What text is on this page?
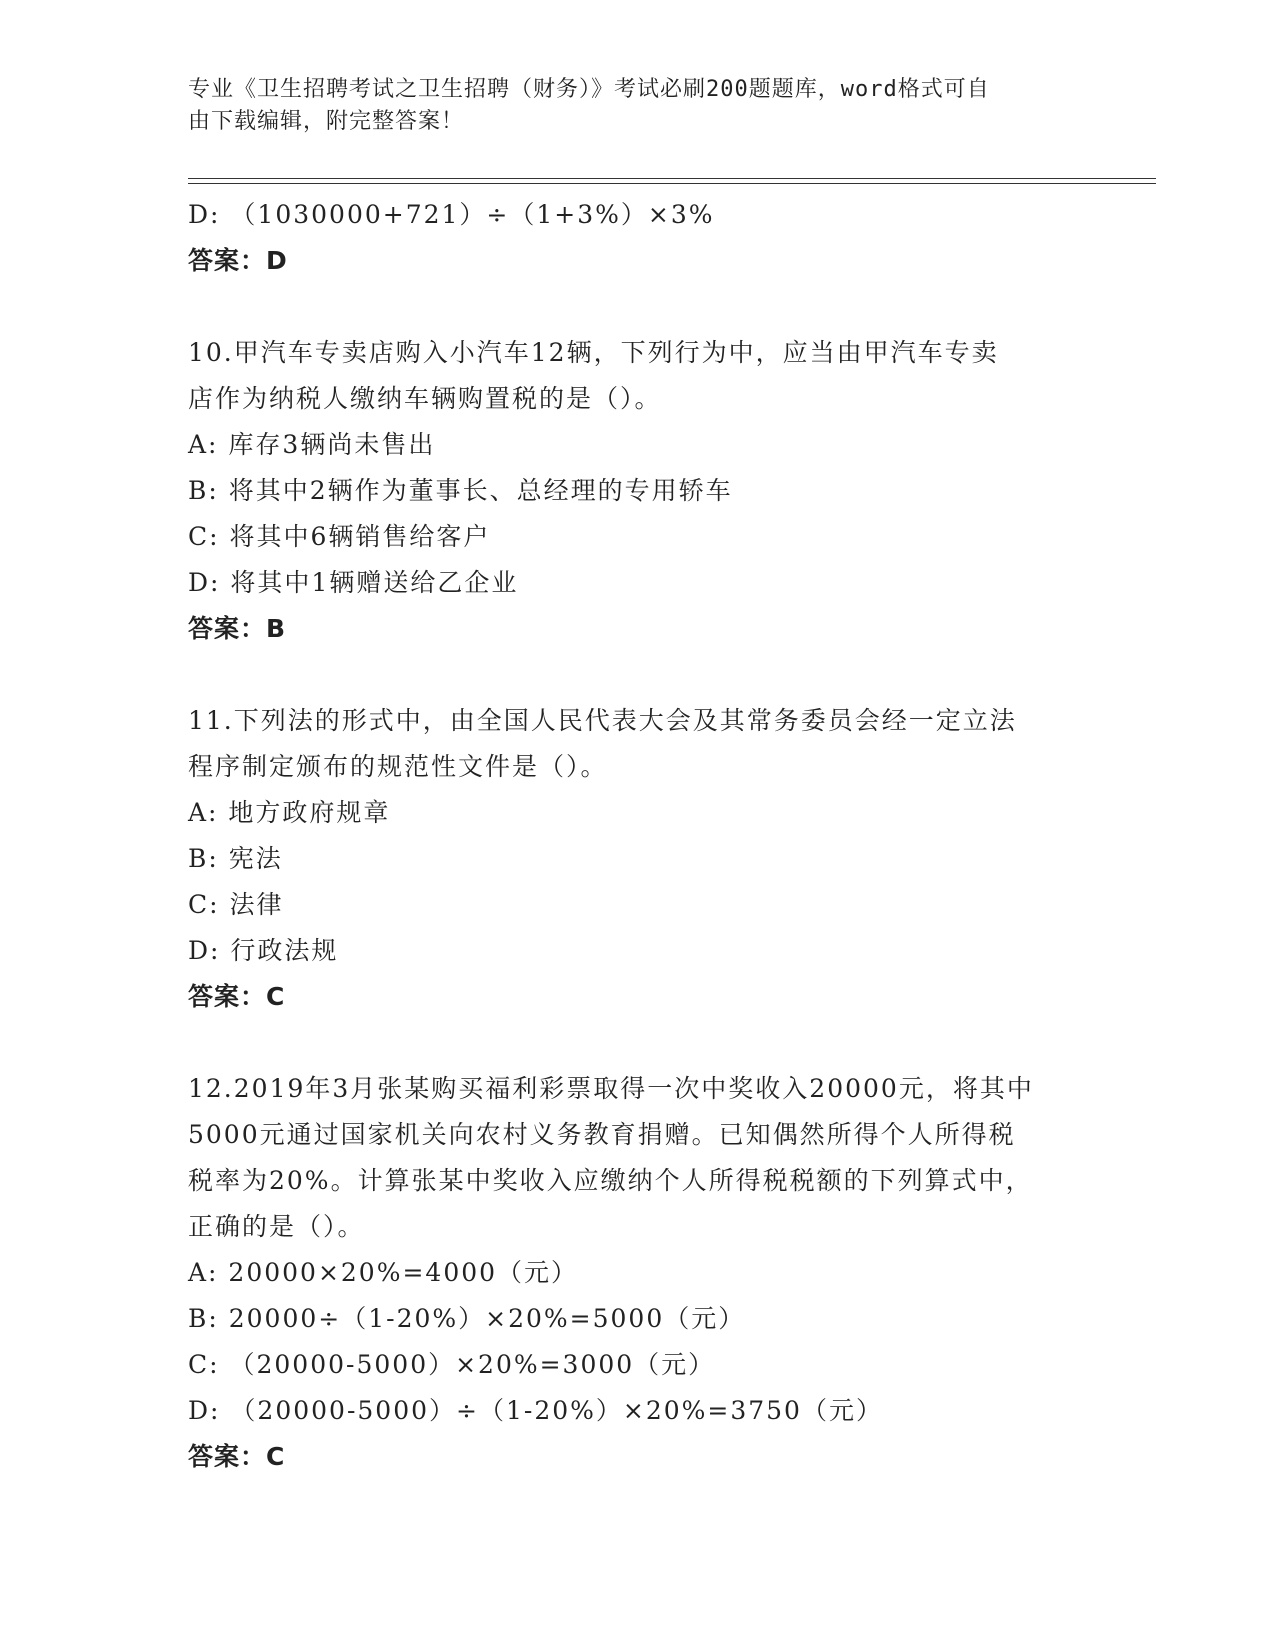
专业《卫生招聘考试之卫生招聘（财务）》考试必刷200题题库，word格式可自
由下载编辑，附完整答案！
D: （1030000+721）÷（1+3%）×3%
答案：D
10.甲汽车专卖店购入小汽车12辆，下列行为中，应当由甲汽车专卖
店作为纳税人缴纳车辆购置税的是（）。
A: 库存3辆尚未售出
B: 将其中2辆作为董事长、总经理的专用轿车
C: 将其中6辆销售给客户
D: 将其中1辆赠送给乙企业
答案：B
11.下列法的形式中，由全国人民代表大会及其常务委员会经一定立法
程序制定颁布的规范性文件是（）。
A: 地方政府规章
B: 宪法
C: 法律
D: 行政法规
答案：C
12.2019年3月张某购买福利彩票取得一次中奖收入20000元，将其中
5000元通过国家机关向农村义务教育捐赠。已知偶然所得个人所得税
税率为20%。计算张某中奖收入应缴纳个人所得税税额的下列算式中，
正确的是（）。
A: 20000×20%=4000（元）
B: 20000÷（1-20%）×20%=5000（元）
C: （20000-5000）×20%=3000（元）
D: （20000-5000）÷（1-20%）×20%=3750（元）
答案：C
